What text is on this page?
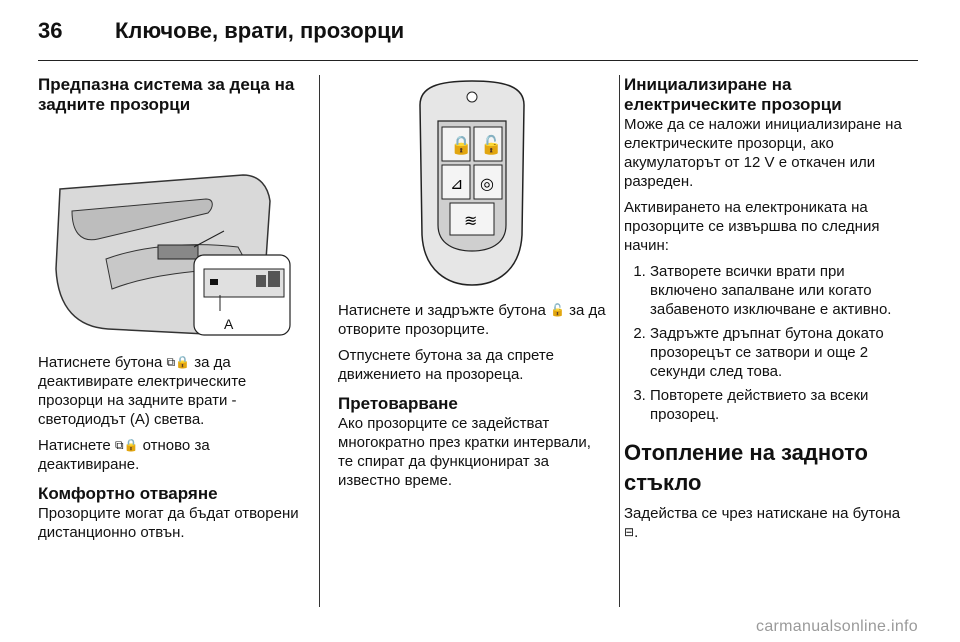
36 Ключове, врати, прозорци
Предпазна система за деца на задните прозорци
A

Натиснете бутона ⧉🔒 за да деактивирате електрическите прозорци на задните врати - светодиодът (A) светва.

Натиснете ⧉🔒 отново за деактивиране.

Комфортно отваряне

Прозорците могат да бъдат отворени дистанционно отвън.

🔒 🔓
⊿ ◎
≋

Натиснете и задръжте бутона 🔓 за да отворите прозорците.

Отпуснете бутона за да спрете движението на прозореца.

Претоварване

Ако прозорците се задействат многократно през кратки интервали, те спират да функционират за известно време.

Инициализиране на електрическите прозорци

Може да се наложи инициализиране на електрическите прозорци, ако акумулаторът от 12 V е откачен или разреден.

Активирането на електрониката на прозорците се извършва по следния начин:

1. Затворете всички врати при включено запалване или когато забавеното изключване е активно.
2. Задръжте дръпнат бутона докато прозорецът се затвори и още 2 секунди след това.
3. Повторете действието за всеки прозорец.
Отопление на задното стъкло

Задейства се чрез натискане на бутона ⊟.

carmanualsonline.info
